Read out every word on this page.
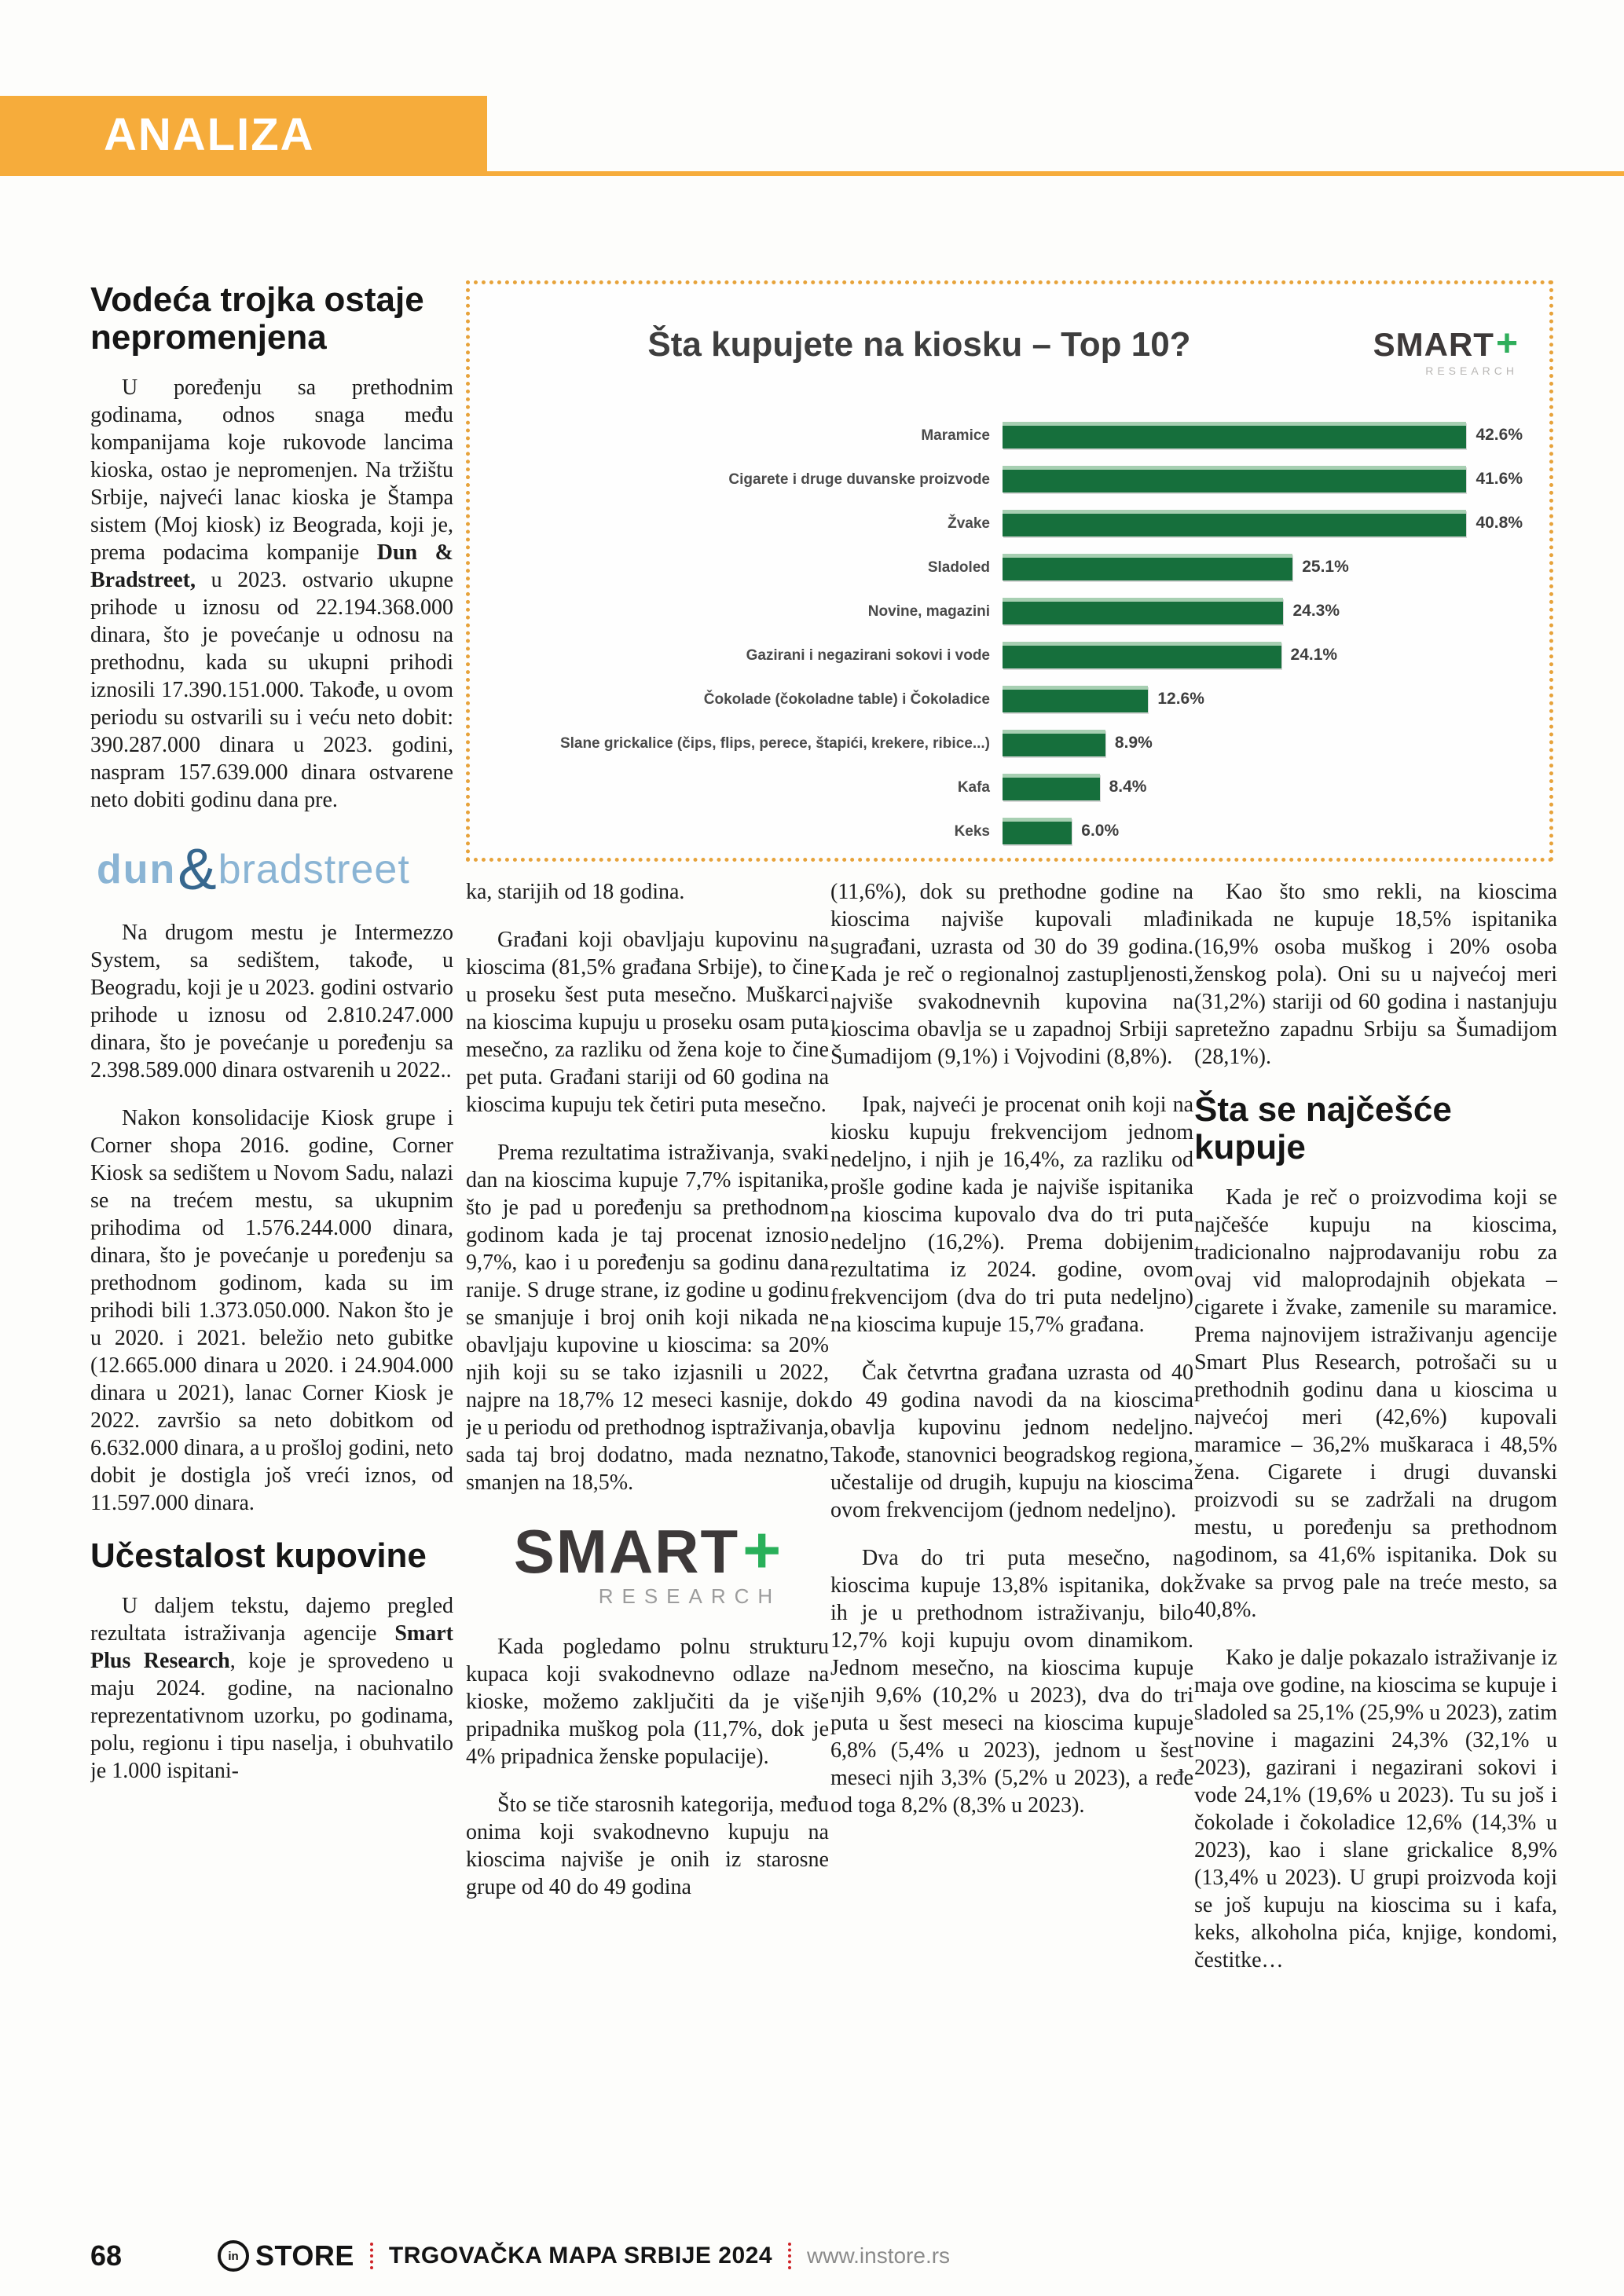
ANALIZA
Šta kupujete na kiosku – Top 10?	SMART+
RESEARCH
Maramice	42.6%
Cigarete i druge duvanske proizvode	41.6%
Žvake	40.8%
Sladoled	25.1%
Novine, magazini	24.3%
Gazirani i negazirani sokovi i vode	24.1%
Čokolade (čokoladne table) i Čokoladice	12.6%
Slane grickalice (čips, flips, perece, štapići, krekere, ribice...)	8.9%
Kafa	8.4%
Keks	6.0%
Vodeća trojka ostaje nepromenjena

U poređenju sa prethodnim godinama, odnos snaga među kompanijama koje rukovode lancima kioska, ostao je nepromenjen. Na tržištu Srbije, najveći lanac kioska je Štampa sistem (Moj kiosk) iz Beograda, koji je, prema podacima kompanije Dun & Bradstreet, u 2023. ostvario ukupne prihode u iznosu od 22.194.368.000 dinara, što je povećanje u odnosu na prethodnu, kada su ukupni prihodi iznosili 17.390.151.000. Takođe, u ovom periodu su ostvarili su i veću neto dobit: 390.287.000 dinara u 2023. godini, naspram 157.639.000 dinara ostvarene neto dobiti godinu dana pre.

dun&bradstreet

Na drugom mestu je Intermezzo System, sa sedištem, takođe, u Beogradu, koji je u 2023. godini ostvario prihode u iznosu od 2.810.247.000 dinara, što je povećanje u poređenju sa 2.398.589.000 dinara ostvarenih u 2022..

Nakon konsolidacije Kiosk grupe i Corner shopa 2016. godine, Corner Kiosk sa sedištem u Novom Sadu, nalazi se na trećem mestu, sa ukupnim prihodima od 1.576.244.000 dinara, dinara, što je povećanje u poređenju sa prethodnom godinom, kada su im prihodi bili 1.373.050.000. Nakon što je u 2020. i 2021. beležio neto gubitke (12.665.000 dinara u 2020. i 24.904.000 dinara u 2021), lanac Corner Kiosk je 2022. završio sa neto dobitkom od 6.632.000 dinara, a u prošloj godini, neto dobit je dostigla još vreći iznos, od 11.597.000 dinara.

Učestalost kupovine

U daljem tekstu, dajemo pregled rezultata istraživanja agencije Smart Plus Research, koje je sprovedeno u maju 2024. godine, na nacionalno reprezentativnom uzorku, po godinama, polu, regionu i tipu naselja, i obuhvatilo je 1.000 ispitani-

ka, starijih od 18 godina.

Građani koji obavljaju kupovinu na kioscima (81,5% građana Srbije), to čine u proseku šest puta mesečno. Muškarci na kioscima kupuju u proseku osam puta mesečno, za razliku od žena koje to čine pet puta. Građani stariji od 60 godina na kioscima kupuju tek četiri puta mesečno.

Prema rezultatima istraživanja, svaki dan na kioscima kupuje 7,7% ispitanika, što je pad u poređenju sa prethodnom godinom kada je taj procenat iznosio 9,7%, kao i u poređenju sa godinu dana ranije. S druge strane, iz godine u godinu se smanjuje i broj onih koji nikada ne obavljaju kupovine u kioscima: sa 20% njih koji su se tako izjasnili u 2022, najpre na 18,7% 12 meseci kasnije, dok je u periodu od prethodnog isptraživanja, sada taj broj dodatno, mada neznatno, smanjen na 18,5%.

SMART+
RESEARCH

Kada pogledamo polnu strukturu kupaca koji svakodnevno odlaze na kioske, možemo zaključiti da je više pripadnika muškog pola (11,7%, dok je 4% pripadnica ženske populacije).

Što se tiče starosnih kategorija, među onima koji svakodnevno kupuju na kioscima najviše je onih iz starosne grupe od 40 do 49 godina

(11,6%), dok su prethodne godine na kioscima najviše kupovali mlađi sugrađani, uzrasta od 30 do 39 godina. Kada je reč o regionalnoj zastupljenosti, najviše svakodnevnih kupovina na kioscima obavlja se u zapadnoj Srbiji sa Šumadijom (9,1%) i Vojvodini (8,8%).

Ipak, najveći je procenat onih koji na kiosku kupuju frekvencijom jednom nedeljno, i njih je 16,4%, za razliku od prošle godine kada je najviše ispitanika na kioscima kupovalo dva do tri puta nedeljno (16,2%). Prema dobijenim rezultatima iz 2024. godine, ovom frekvencijom (dva do tri puta nedeljno) na kioscima kupuje 15,7% građana.

Čak četvrtna građana uzrasta od 40 do 49 godina navodi da na kioscima obavlja kupovinu jednom nedeljno. Takođe, stanovnici beogradskog regiona, učestalije od drugih, kupuju na kioscima ovom frekvencijom (jednom nedeljno).

Dva do tri puta mesečno, na kioscima kupuje 13,8% ispitanika, dok ih je u prethodnom istraživanju, bilo 12,7% koji kupuju ovom dinamikom. Jednom mesečno, na kioscima kupuje njih 9,6% (10,2% u 2023), dva do tri puta u šest meseci na kioscima kupuje 6,8% (5,4% u 2023), jednom u šest meseci njih 3,3% (5,2% u 2023), a ređe od toga 8,2% (8,3% u 2023).

Kao što smo rekli, na kioscima nikada ne kupuje 18,5% ispitanika (16,9% osoba muškog i 20% osoba ženskog pola). Oni su u najvećoj meri (31,2%) stariji od 60 godina i nastanjuju pretežno zapadnu Srbiju sa Šumadijom (28,1%).

Šta se najčešće kupuje

Kada je reč o proizvodima koji se najčešće kupuju na kioscima, tradicionalno najprodavaniju robu za ovaj vid maloprodajnih objekata – cigarete i žvake, zamenile su maramice. Prema najnovijem istraživanju agencije Smart Plus Research, potrošači su u prethodnih godinu dana u kioscima u najvećoj meri (42,6%) kupovali maramice – 36,2% muškaraca i 48,5% žena. Cigarete i drugi duvanski proizvodi su se zadržali na drugom mestu, u poređenju sa prethodnom godinom, sa 41,6% ispitanika. Dok su žvake sa prvog pale na treće mesto, sa 40,8%.

Kako je dalje pokazalo istraživanje iz maja ove godine, na kioscima se kupuje i sladoled sa 25,1% (25,9% u 2023), zatim novine i magazini 24,3% (32,1% u 2023), gazirani i negazirani sokovi i vode 24,1% (19,6% u 2023). Tu su još i čokolade i čokoladice 12,6% (14,3% u 2023), kao i slane grickalice 8,9% (13,4% u 2023). U grupi proizvoda koji se još kupuju na kioscima su i kafa, keks, alkoholna pića, knjige, kondomi, čestitke…

68	in STORE TRGOVAČKA MAPA SRBIJE 2024 www.instore.rs
